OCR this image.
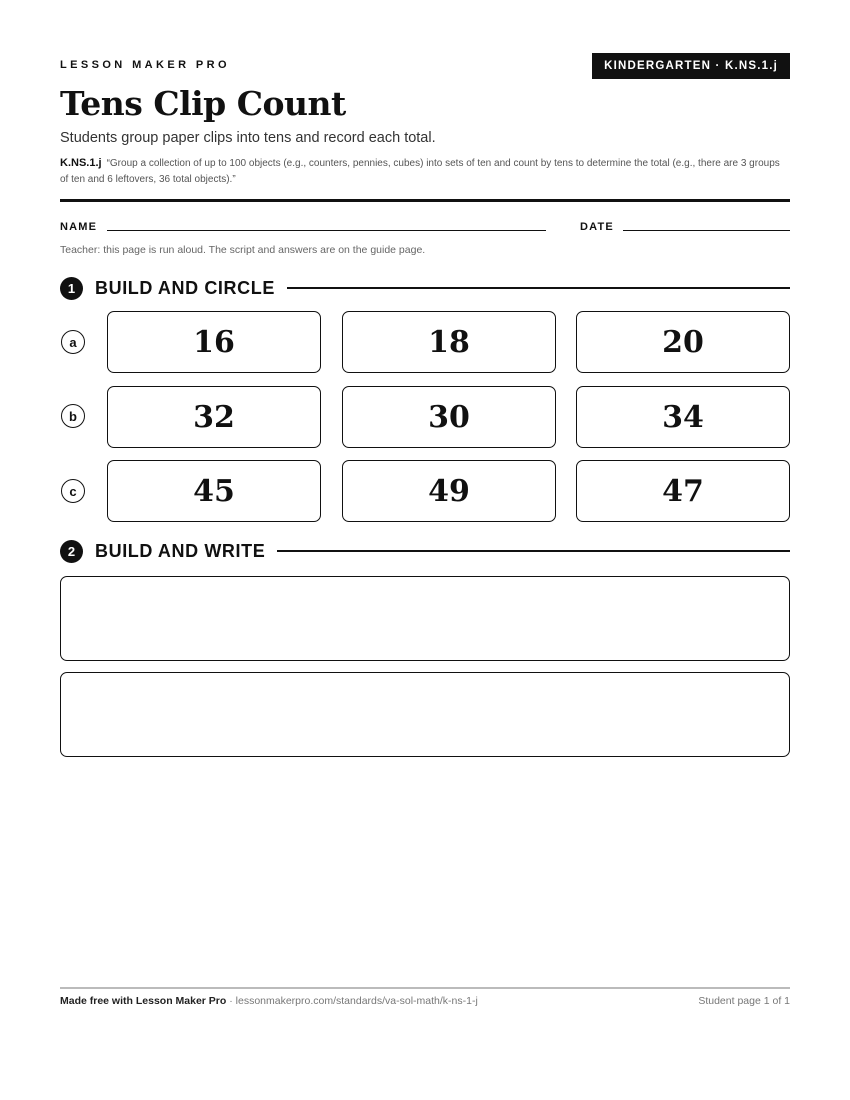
LESSON MAKER PRO	KINDERGARTEN · K.NS.1.j
Tens Clip Count
Students group paper clips into tens and record each total.
K.NS.1.j “Group a collection of up to 100 objects (e.g., counters, pennies, cubes) into sets of ten and count by tens to determine the total (e.g., there are 3 groups of ten and 6 leftovers, 36 total objects).”
NAME	DATE
Teacher: this page is run aloud. The script and answers are on the guide page.
1	BUILD AND CIRCLE
a	16	18	20
b	32	30	34
c	45	49	47
2	BUILD AND WRITE
Made free with Lesson Maker Pro · lessonmakerpro.com/standards/va-sol-math/k-ns-1-j	Student page 1 of 1
